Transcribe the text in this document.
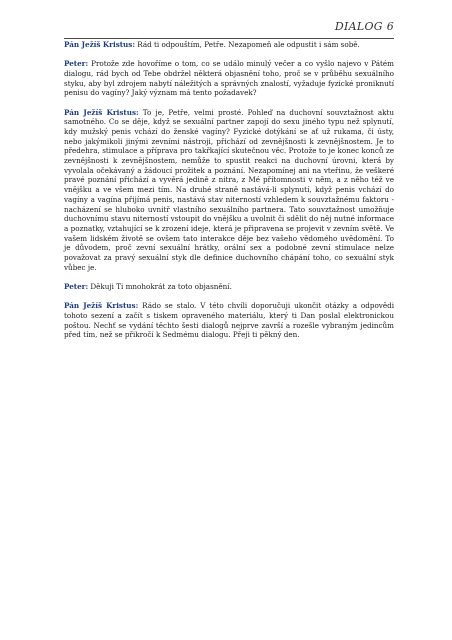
DIALOG 6

Pán Ježíš Kristus: Rád ti odpouštím, Petře. Nezapomeň ale odpustit i sám sobě.

Peter: Protože zde hovoříme o tom, co se událo minulý večer a co vyšlo najevo v Pátém dialogu, rád bych od Tebe obdržel některá objasnění toho, proč se v průběhu sexuálního styku, aby byl zdrojem nabytí náležitých a správných znalostí, vyžaduje fyzické proniknutí penisu do vagíny? Jaký význam má tento požadavek?

Pán Ježíš Kristus: To je, Petře, velmi prosté. Pohleď na duchovní souvztažnost aktu samotného. Co se děje, když se sexuální partner zapojí do sexu jiného typu než splynutí, kdy mužský penis vchází do ženské vagíny? Fyzické dotýkání se ať už rukama, či ústy, nebo jakýmikoli jinými zevními nástroji, přichází od zevnějšnosti k zevnějšnostem. Je to předehra, stimulace a příprava pro takřkající skutečnou věc. Protože to je konec konců ze zevnějšnosti k zevnějšnostem, nemůže to spustit reakci na duchovní úrovni, která by vyvolala očekávaný a žádoucí prožitek a poznání. Nezapomínej ani na vteřinu, že veškeré pravé poznání přichází a vyvěrá jedině z nitra, z Mé přítomnosti v něm, a z něho též ve vnějšku a ve všem mezi tím. Na druhé straně nastává-li splynutí, když penis vchází do vagíny a vagína přijímá penis, nastává stav niterností vzhledem k souvztažnému faktoru - nacházení se hluboko uvnitř vlastního sexuálního partnera. Tato souvztažnost umožňuje duchovnímu stavu niterností vstoupit do vnějšku a uvolnit či sdělit do něj nutné informace a poznatky, vztahující se k zrození ideje, která je připravena se projevit v zevním světě. Ve vašem lidském životě se ovšem tato interakce děje bez vašeho vědomého uvědomění. To je důvodem, proč zevní sexuální hrátky, orální sex a podobné zevní stimulace nelze považovat za pravý sexuální styk dle definice duchovního chápání toho, co sexuální styk vůbec je.

Peter: Děkuji Ti mnohokrát za toto objasnění.

Pán Ježíš Kristus: Rádo se stalo. V této chvíli doporučuji ukončit otázky a odpovědi tohoto sezení a začít s tiskem opraveného materiálu, který ti Dan poslal elektronickou poštou. Nechť se vydání těchto šesti dialogů nejprve završí a rozešle vybraným jedincům před tím, než se přikročí k Sedmému dialogu. Přeji ti pěkný den.
